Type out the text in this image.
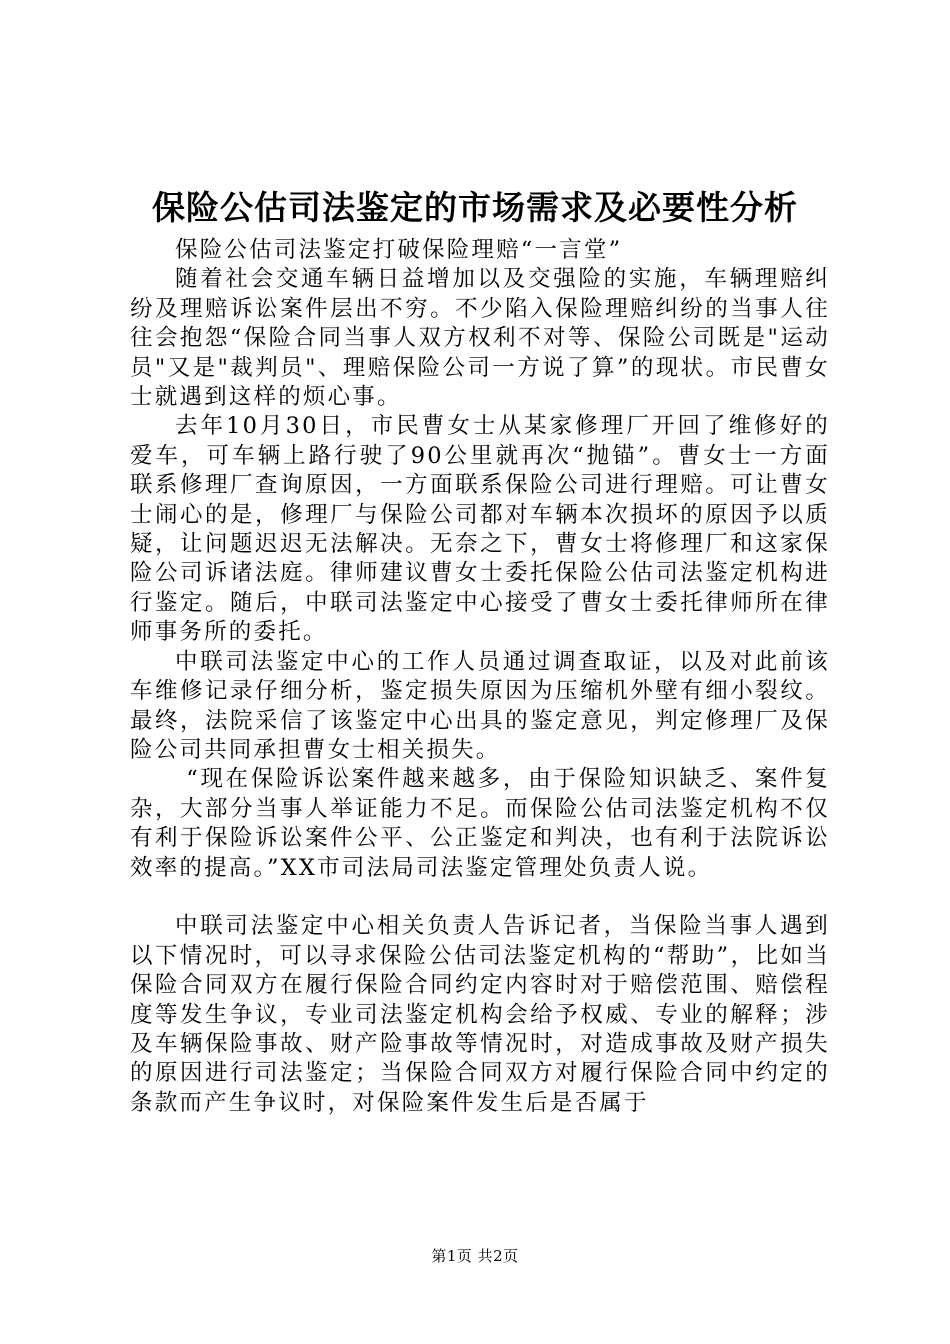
保险公估司法鉴定的市场需求及必要性分析

保险公估司法鉴定打破保险理赔“一言堂”

随着社会交通车辆日益增加以及交强险的实施，车辆理赔纠纷及理赔诉讼案件层出不穷。不少陷入保险理赔纠纷的当事人往往会抱怨“保险合同当事人双方权利不对等、保险公司既是"运动员"又是"裁判员"、理赔保险公司一方说了算”的现状。市民曹女士就遇到这样的烦心事。

去年10月30日，市民曹女士从某家修理厂开回了维修好的爱车，可车辆上路行驶了90公里就再次“抛锚”。曹女士一方面联系修理厂查询原因，一方面联系保险公司进行理赔。可让曹女士闹心的是，修理厂与保险公司都对车辆本次损坏的原因予以质疑，让问题迟迟无法解决。无奈之下，曹女士将修理厂和这家保险公司诉诸法庭。律师建议曹女士委托保险公估司法鉴定机构进行鉴定。随后，中联司法鉴定中心接受了曹女士委托律师所在律师事务所的委托。

中联司法鉴定中心的工作人员通过调查取证，以及对此前该车维修记录仔细分析，鉴定损失原因为压缩机外壁有细小裂纹。最终，法院采信了该鉴定中心出具的鉴定意见，判定修理厂及保险公司共同承担曹女士相关损失。

“现在保险诉讼案件越来越多，由于保险知识缺乏、案件复杂，大部分当事人举证能力不足。而保险公估司法鉴定机构不仅有利于保险诉讼案件公平、公正鉴定和判决，也有利于法院诉讼效率的提高。”XX市司法局司法鉴定管理处负责人说。

中联司法鉴定中心相关负责人告诉记者，当保险当事人遇到以下情况时，可以寻求保险公估司法鉴定机构的“帮助”，比如当保险合同双方在履行保险合同约定内容时对于赔偿范围、赔偿程度等发生争议，专业司法鉴定机构会给予权威、专业的解释；涉及车辆保险事故、财产险事故等情况时，对造成事故及财产损失的原因进行司法鉴定；当保险合同双方对履行保险合同中约定的条款而产生争议时，对保险案件发生后是否属于

第1页 共2页
